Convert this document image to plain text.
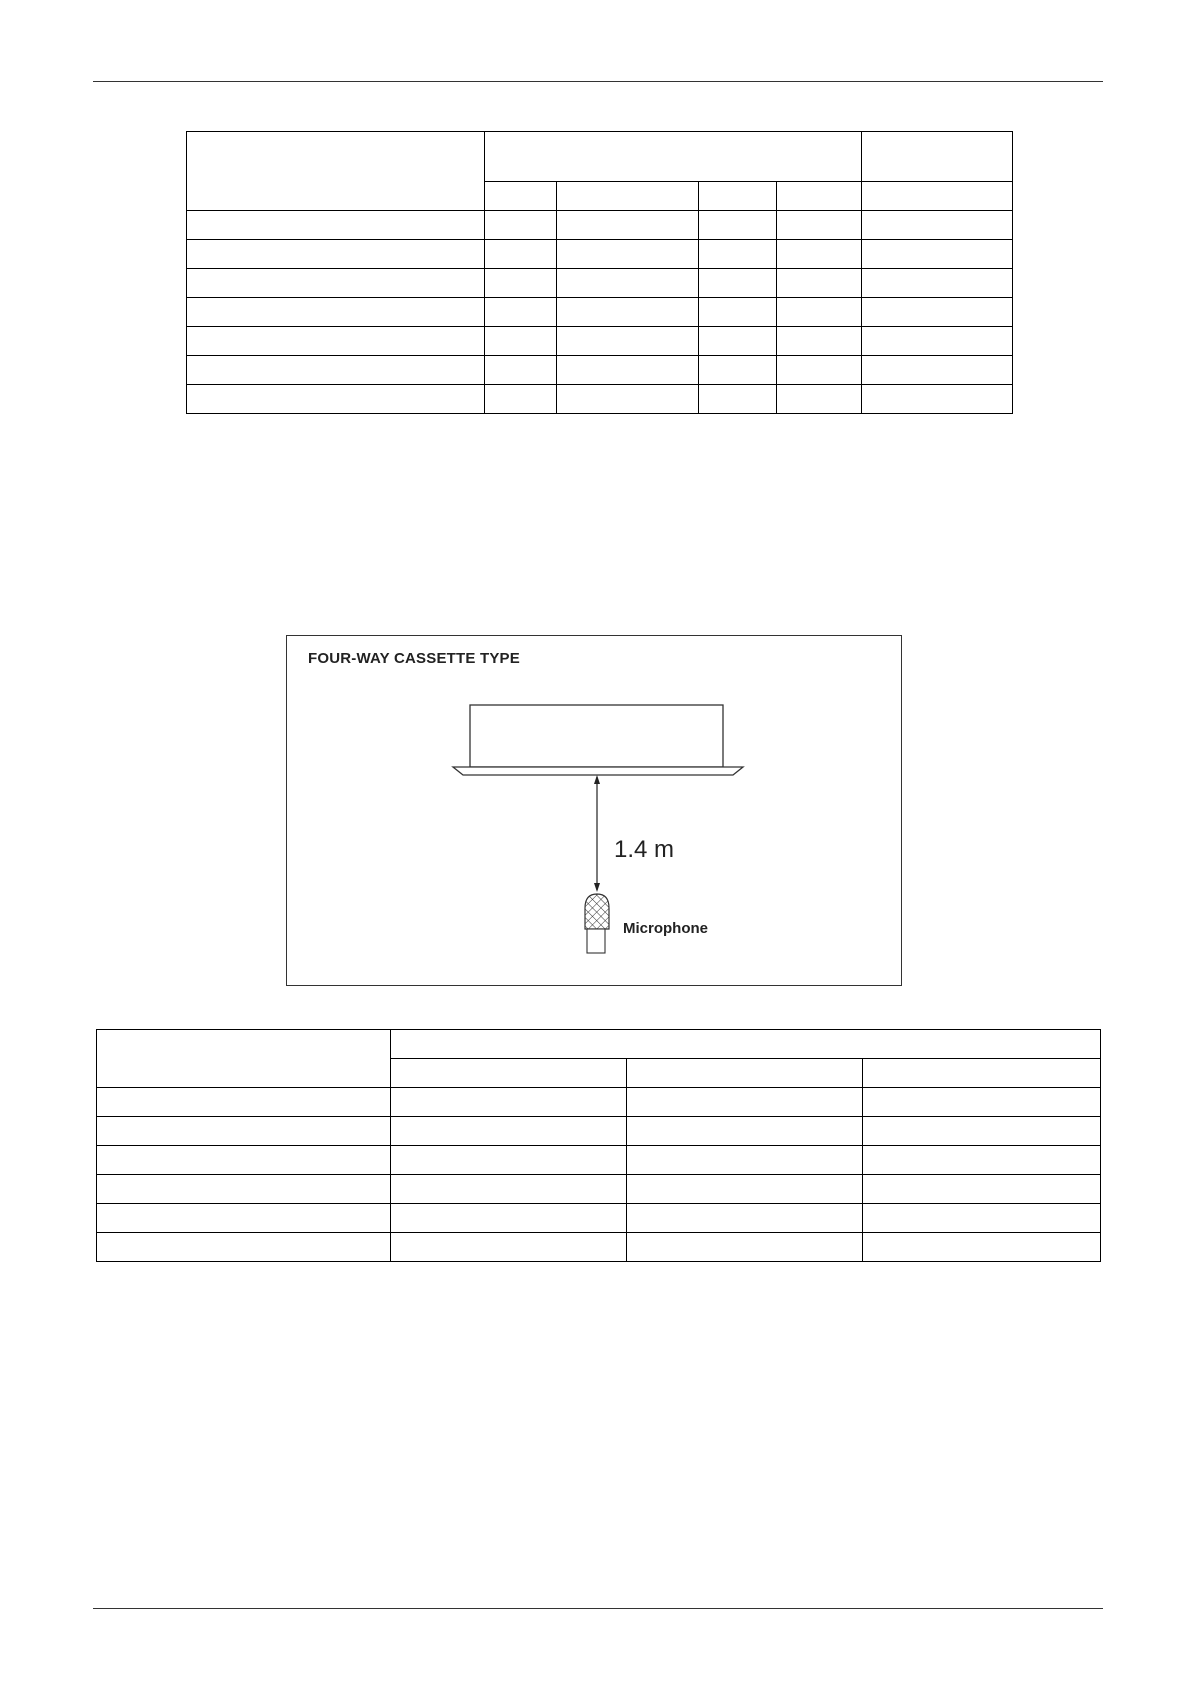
FOUR-WAY CASSETTE TYPE
1.4 m
Microphone
